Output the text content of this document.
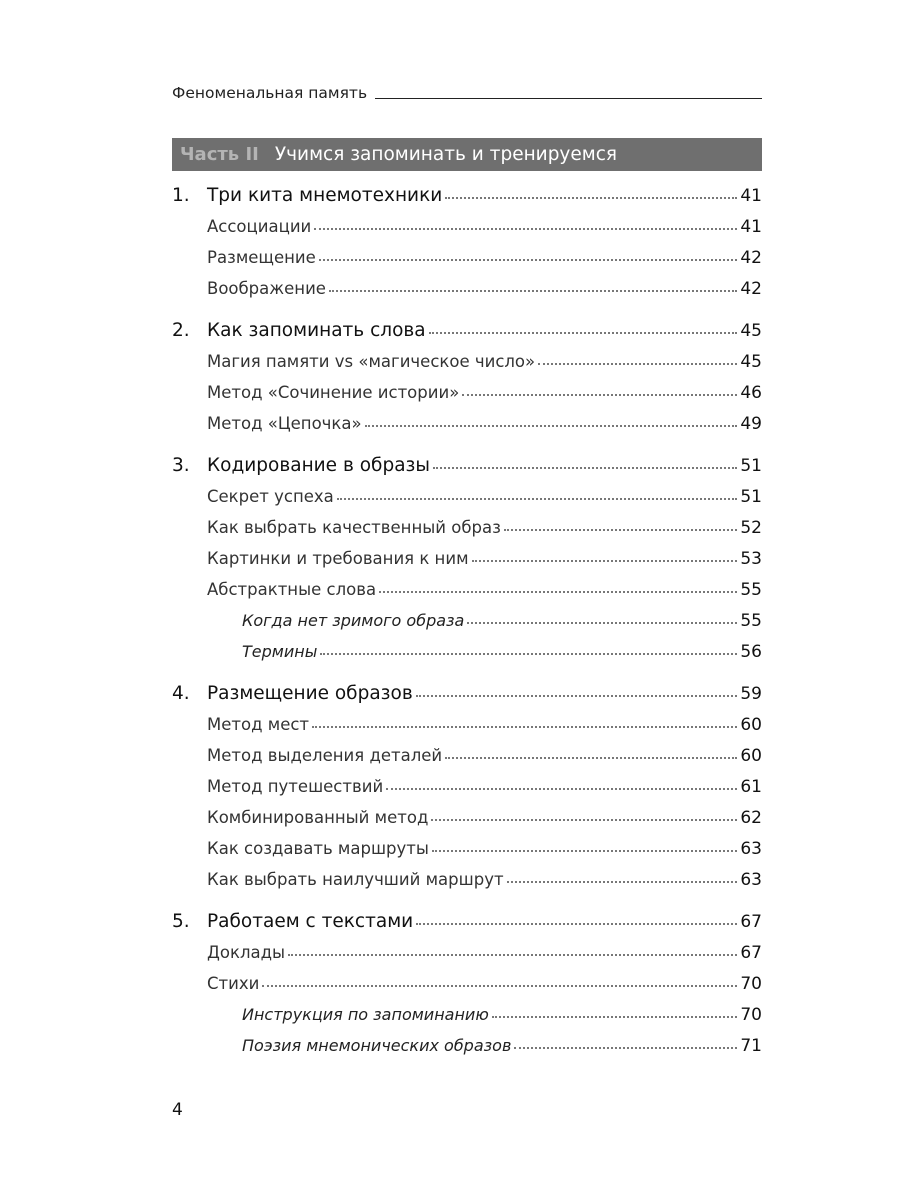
Феноменальная память
Часть II Учимся запоминать и тренируемся
1. Три кита мнемотехники	41
Ассоциации	41
Размещение	42
Воображение	42
2. Как запоминать слова	45
Магия памяти vs «магическое число»	45
Метод «Сочинение истории»	46
Метод «Цепочка»	49
3. Кодирование в образы	51
Секрет успеха	51
Как выбрать качественный образ	52
Картинки и требования к ним	53
Абстрактные слова	55
Когда нет зримого образа	55
Термины	56
4. Размещение образов	59
Метод мест	60
Метод выделения деталей	60
Метод путешествий	61
Комбинированный метод	62
Как создавать маршруты	63
Как выбрать наилучший маршрут	63
5. Работаем с текстами	67
Доклады	67
Стихи	70
Инструкция по запоминанию	70
Поэзия мнемонических образов	71
4
